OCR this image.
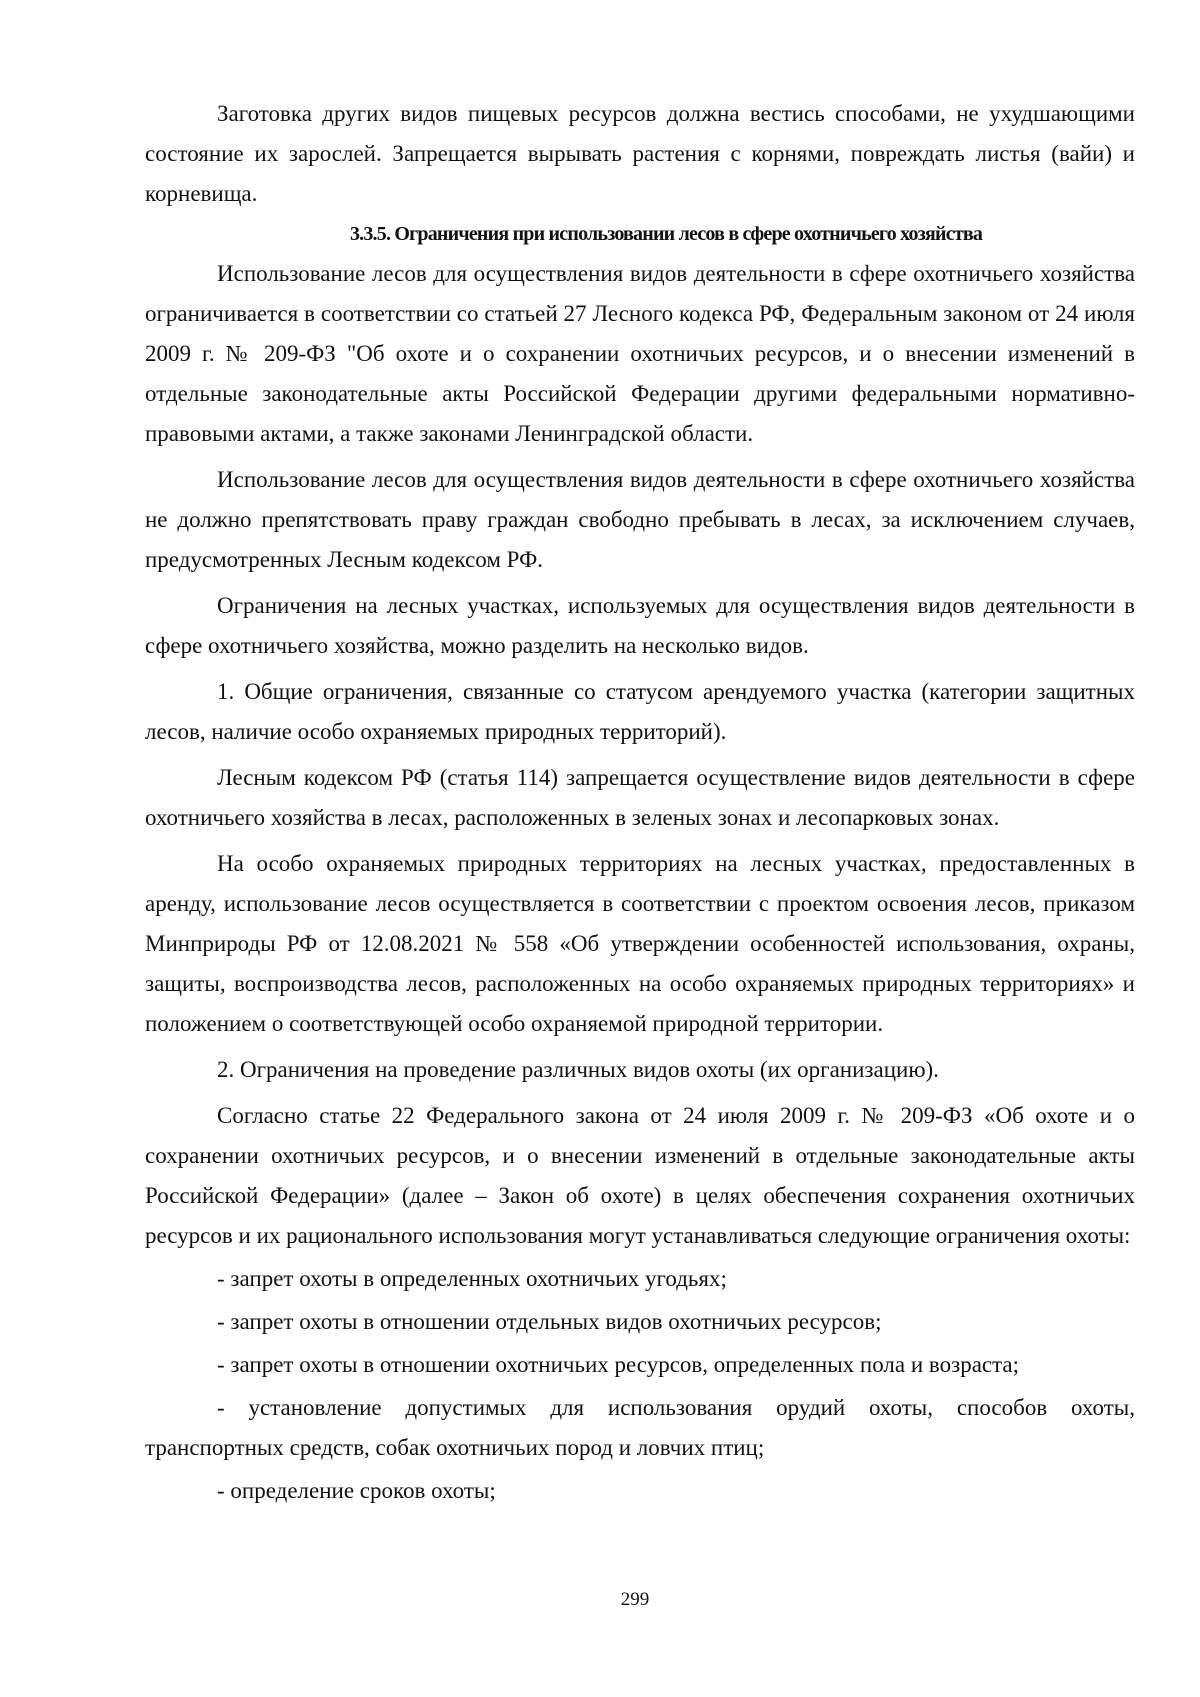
Заготовка других видов пищевых ресурсов должна вестись способами, не ухудшающими состояние их зарослей. Запрещается вырывать растения с корнями, повреждать листья (вайи) и корневища.

3.3.5. Ограничения при использовании лесов в сфере охотничьего хозяйства

Использование лесов для осуществления видов деятельности в сфере охотничьего хозяйства ограничивается в соответствии со статьей 27 Лесного кодекса РФ, Федеральным законом от 24 июля 2009 г. № 209-ФЗ "Об охоте и о сохранении охотничьих ресурсов, и о внесении изменений в отдельные законодательные акты Российской Федерации другими федеральными нормативно-правовыми актами, а также законами Ленинградской области.

Использование лесов для осуществления видов деятельности в сфере охотничьего хозяйства не должно препятствовать праву граждан свободно пребывать в лесах, за исключением случаев, предусмотренных Лесным кодексом РФ.

Ограничения на лесных участках, используемых для осуществления видов деятельности в сфере охотничьего хозяйства, можно разделить на несколько видов.

1. Общие ограничения, связанные со статусом арендуемого участка (категории защитных лесов, наличие особо охраняемых природных территорий).

Лесным кодексом РФ (статья 114) запрещается осуществление видов деятельности в сфере охотничьего хозяйства в лесах, расположенных в зеленых зонах и лесопарковых зонах.

На особо охраняемых природных территориях на лесных участках, предоставленных в аренду, использование лесов осуществляется в соответствии с проектом освоения лесов, приказом Минприроды РФ от 12.08.2021 № 558 «Об утверждении особенностей использования, охраны, защиты, воспроизводства лесов, расположенных на особо охраняемых природных территориях» и положением о соответствующей особо охраняемой природной территории.

2. Ограничения на проведение различных видов охоты (их организацию).

Согласно статье 22 Федерального закона от 24 июля 2009 г. № 209-ФЗ «Об охоте и о сохранении охотничьих ресурсов, и о внесении изменений в отдельные законодательные акты Российской Федерации» (далее – Закон об охоте) в целях обеспечения сохранения охотничьих ресурсов и их рационального использования могут устанавливаться следующие ограничения охоты:

- запрет охоты в определенных охотничьих угодьях;

- запрет охоты в отношении отдельных видов охотничьих ресурсов;

- запрет охоты в отношении охотничьих ресурсов, определенных пола и возраста;

- установление допустимых для использования орудий охоты, способов охоты, транспортных средств, собак охотничьих пород и ловчих птиц;

- определение сроков охоты;

299
